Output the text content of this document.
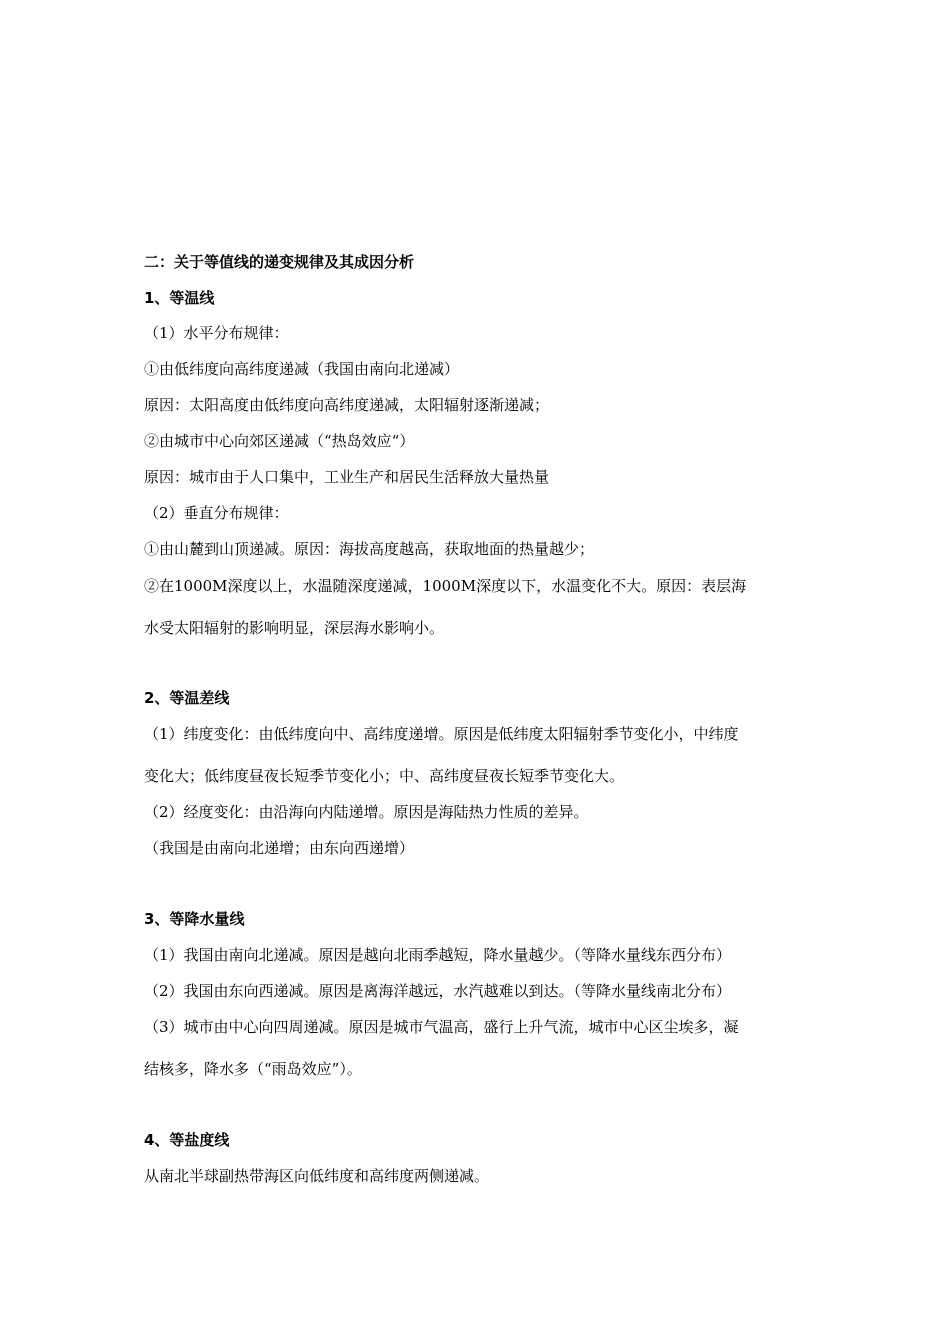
二：关于等值线的递变规律及其成因分析
1、等温线
（1）水平分布规律：
①由低纬度向高纬度递减（我国由南向北递减）
原因：太阳高度由低纬度向高纬度递减，太阳辐射逐渐递减；
②由城市中心向郊区递减（“热岛效应“）
原因：城市由于人口集中，工业生产和居民生活释放大量热量
（2）垂直分布规律：
①由山麓到山顶递减。原因：海拔高度越高，获取地面的热量越少；
②在1000M深度以上，水温随深度递减，1000M深度以下，水温变化不大。原因：表层海
水受太阳辐射的影响明显，深层海水影响小。
2、等温差线
（1）纬度变化：由低纬度向中、高纬度递增。原因是低纬度太阳辐射季节变化小，中纬度
变化大；低纬度昼夜长短季节变化小；中、高纬度昼夜长短季节变化大。
（2）经度变化：由沿海向内陆递增。原因是海陆热力性质的差异。
（我国是由南向北递增；由东向西递增）
3、等降水量线
（1）我国由南向北递减。原因是越向北雨季越短，降水量越少。（等降水量线东西分布）
（2）我国由东向西递减。原因是离海洋越远，水汽越难以到达。（等降水量线南北分布）
（3）城市由中心向四周递减。原因是城市气温高，盛行上升气流，城市中心区尘埃多，凝
结核多，降水多（“雨岛效应”）。
4、等盐度线
从南北半球副热带海区向低纬度和高纬度两侧递减。
